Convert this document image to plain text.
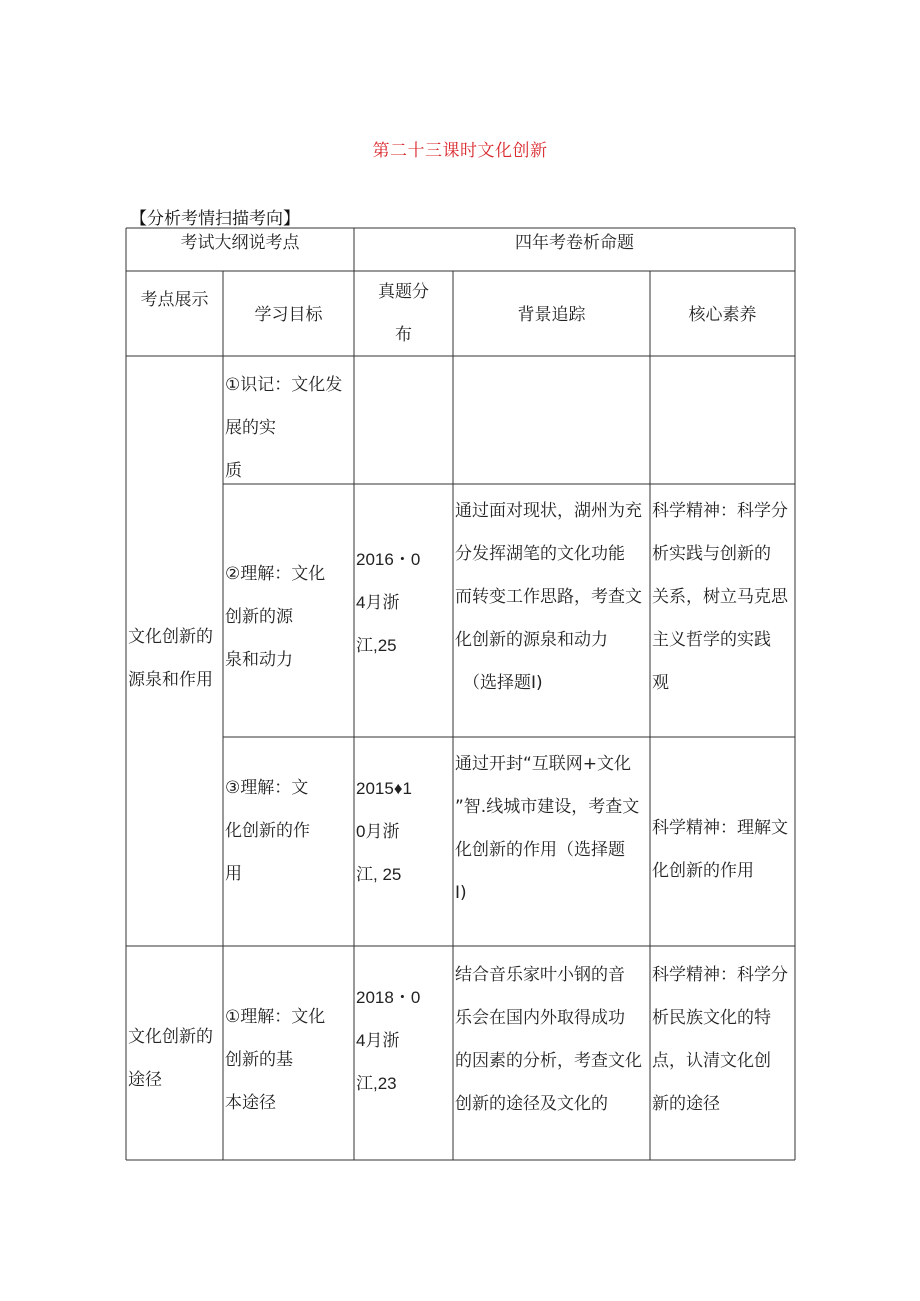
第二十三课时文化创新
【分析考情扫描考向】
考试大纲说考点	四年考卷析命题
考点展示
学习目标
真题分
布
背景追踪	核心素养
文化创新的
源泉和作用
①识记：文化发
展的实
质
②理解：文化
创新的源
泉和动力
2016・0
4月浙
江,25
通过面对现状，湖州为充
分发挥湖笔的文化功能
而转变工作思路，考查文
化创新的源泉和动力
（选择题I)
科学精神：科学分
析实践与创新的
关系，树立马克思
主义哲学的实践
观
③理解：文
化创新的作
用
2015♦1
0月浙
江, 25
通过开封“互联网+文化
”智.线城市建设，考查文
化创新的作用（选择题
I)
科学精神：理解文
化创新的作用
文化创新的
途径
①理解：文化
创新的基
本途径
2018・0
4月浙
江,23
结合音乐家叶小钢的音
乐会在国内外取得成功
的因素的分析，考查文化
创新的途径及文化的
科学精神：科学分
析民族文化的特
点，认清文化创
新的途径
